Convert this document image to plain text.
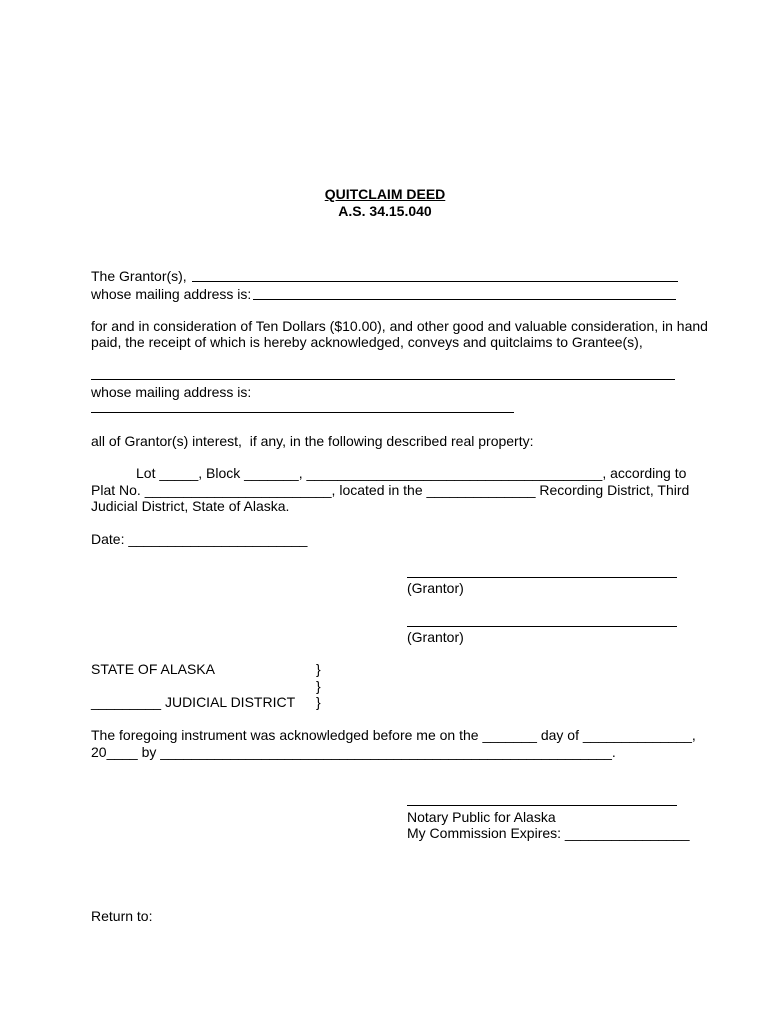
QUITCLAIM DEED
A.S. 34.15.040
The Grantor(s),
whose mailing address is:
for and in consideration of Ten Dollars ($10.00), and other good and valuable consideration, in hand
paid, the receipt of which is hereby acknowledged, conveys and quitclaims to Grantee(s),
whose mailing address is:
all of Grantor(s) interest,  if any, in the following described real property:
Lot _____, Block _______, ______________________________________, according to
Plat No. ________________________, located in the ______________ Recording District, Third
Judicial District, State of Alaska.
Date: _______________________
(Grantor)
(Grantor)
STATE OF ALASKA	}
}
_________ JUDICIAL DISTRICT }
The foregoing instrument was acknowledged before me on the _______ day of ______________,
20____ by __________________________________________________________.
Notary Public for Alaska
My Commission Expires: ________________
Return to:
